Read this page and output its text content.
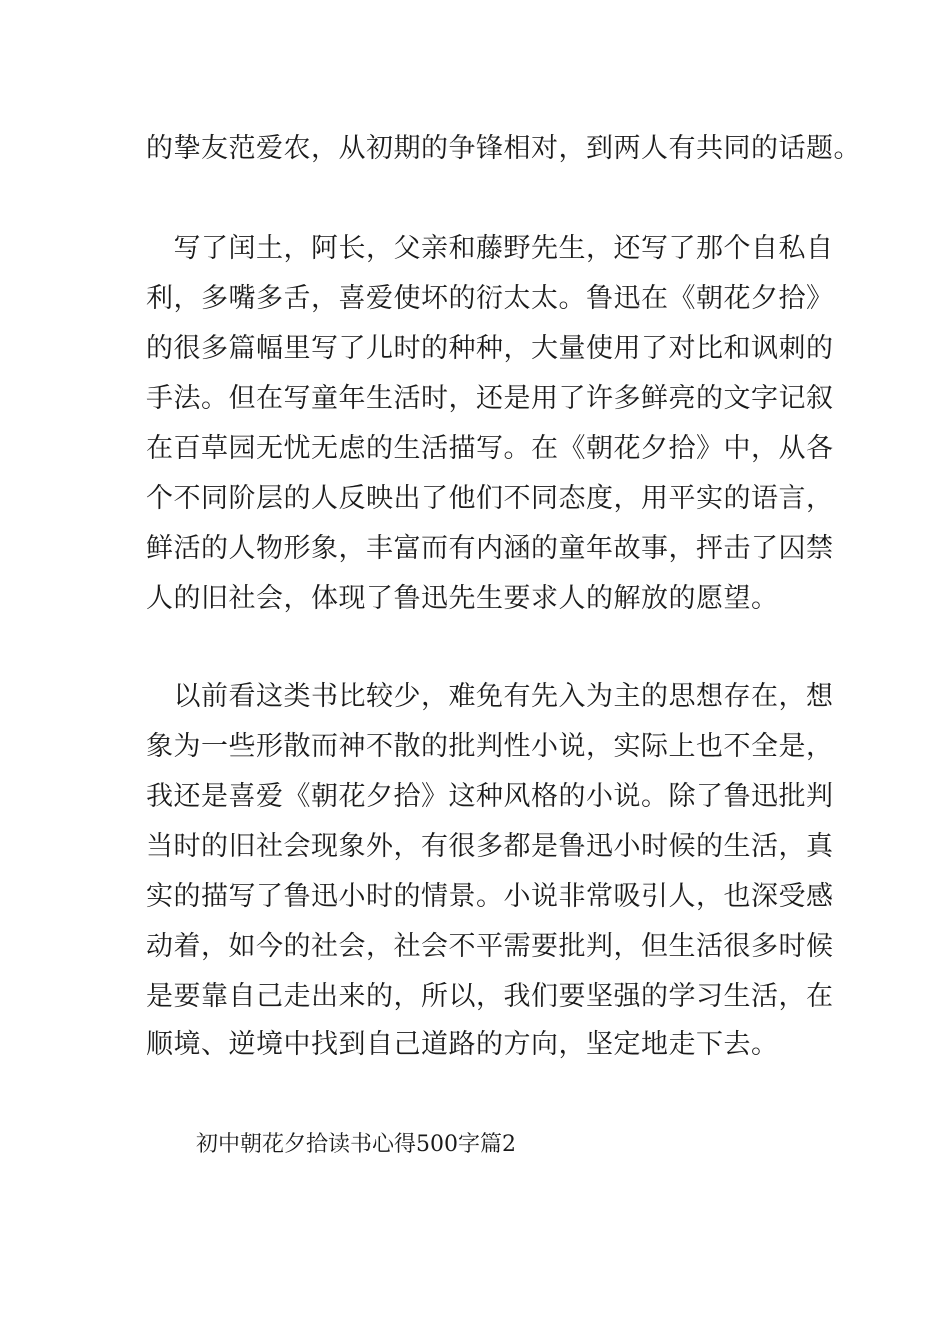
的挚友范爱农，从初期的争锋相对，到两人有共同的话题。
　写了闰土，阿长，父亲和藤野先生，还写了那个自私自
利，多嘴多舌，喜爱使坏的衍太太。鲁迅在《朝花夕拾》
的很多篇幅里写了儿时的种种，大量使用了对比和讽刺的
手法。但在写童年生活时，还是用了许多鲜亮的文字记叙
在百草园无忧无虑的生活描写。在《朝花夕拾》中，从各
个不同阶层的人反映出了他们不同态度，用平实的语言，
鲜活的人物形象，丰富而有内涵的童年故事，抨击了囚禁
人的旧社会，体现了鲁迅先生要求人的解放的愿望。
　以前看这类书比较少，难免有先入为主的思想存在，想
象为一些形散而神不散的批判性小说，实际上也不全是，
我还是喜爱《朝花夕拾》这种风格的小说。除了鲁迅批判
当时的旧社会现象外，有很多都是鲁迅小时候的生活，真
实的描写了鲁迅小时的情景。小说非常吸引人，也深受感
动着，如今的社会，社会不平需要批判，但生活很多时候
是要靠自己走出来的，所以，我们要坚强的学习生活，在
顺境、逆境中找到自己道路的方向，坚定地走下去。
初中朝花夕拾读书心得500字篇2
